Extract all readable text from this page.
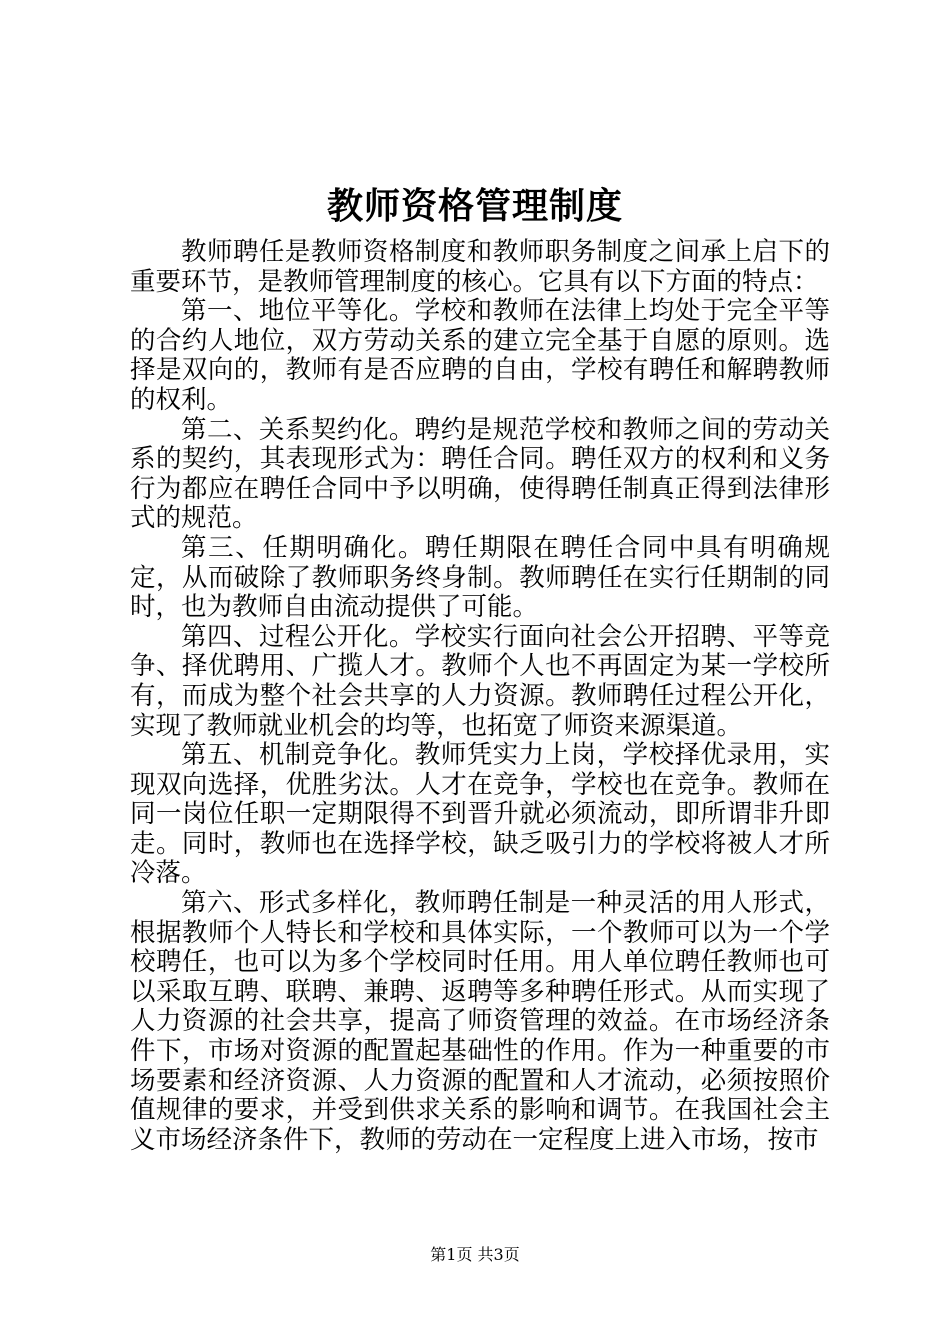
教师资格管理制度

教师聘任是教师资格制度和教师职务制度之间承上启下的重要环节，是教师管理制度的核心。它具有以下方面的特点：

第一、地位平等化。学校和教师在法律上均处于完全平等的合约人地位，双方劳动关系的建立完全基于自愿的原则。选择是双向的，教师有是否应聘的自由，学校有聘任和解聘教师的权利。

第二、关系契约化。聘约是规范学校和教师之间的劳动关系的契约，其表现形式为：聘任合同。聘任双方的权利和义务行为都应在聘任合同中予以明确，使得聘任制真正得到法律形式的规范。

第三、任期明确化。聘任期限在聘任合同中具有明确规定，从而破除了教师职务终身制。教师聘任在实行任期制的同时，也为教师自由流动提供了可能。

第四、过程公开化。学校实行面向社会公开招聘、平等竞争、择优聘用、广揽人才。教师个人也不再固定为某一学校所有，而成为整个社会共享的人力资源。教师聘任过程公开化，实现了教师就业机会的均等，也拓宽了师资来源渠道。

第五、机制竞争化。教师凭实力上岗，学校择优录用，实现双向选择，优胜劣汰。人才在竞争，学校也在竞争。教师在同一岗位任职一定期限得不到晋升就必须流动，即所谓非升即走。同时，教师也在选择学校，缺乏吸引力的学校将被人才所冷落。

第六、形式多样化，教师聘任制是一种灵活的用人形式，根据教师个人特长和学校和具体实际，一个教师可以为一个学校聘任，也可以为多个学校同时任用。用人单位聘任教师也可以采取互聘、联聘、兼聘、返聘等多种聘任形式。从而实现了人力资源的社会共享，提高了师资管理的效益。在市场经济条件下，市场对资源的配置起基础性的作用。作为一种重要的市场要素和经济资源、人力资源的配置和人才流动，必须按照价值规律的要求，并受到供求关系的影响和调节。在我国社会主义市场经济条件下，教师的劳动在一定程度上进入市场，按市

第1页 共3页
